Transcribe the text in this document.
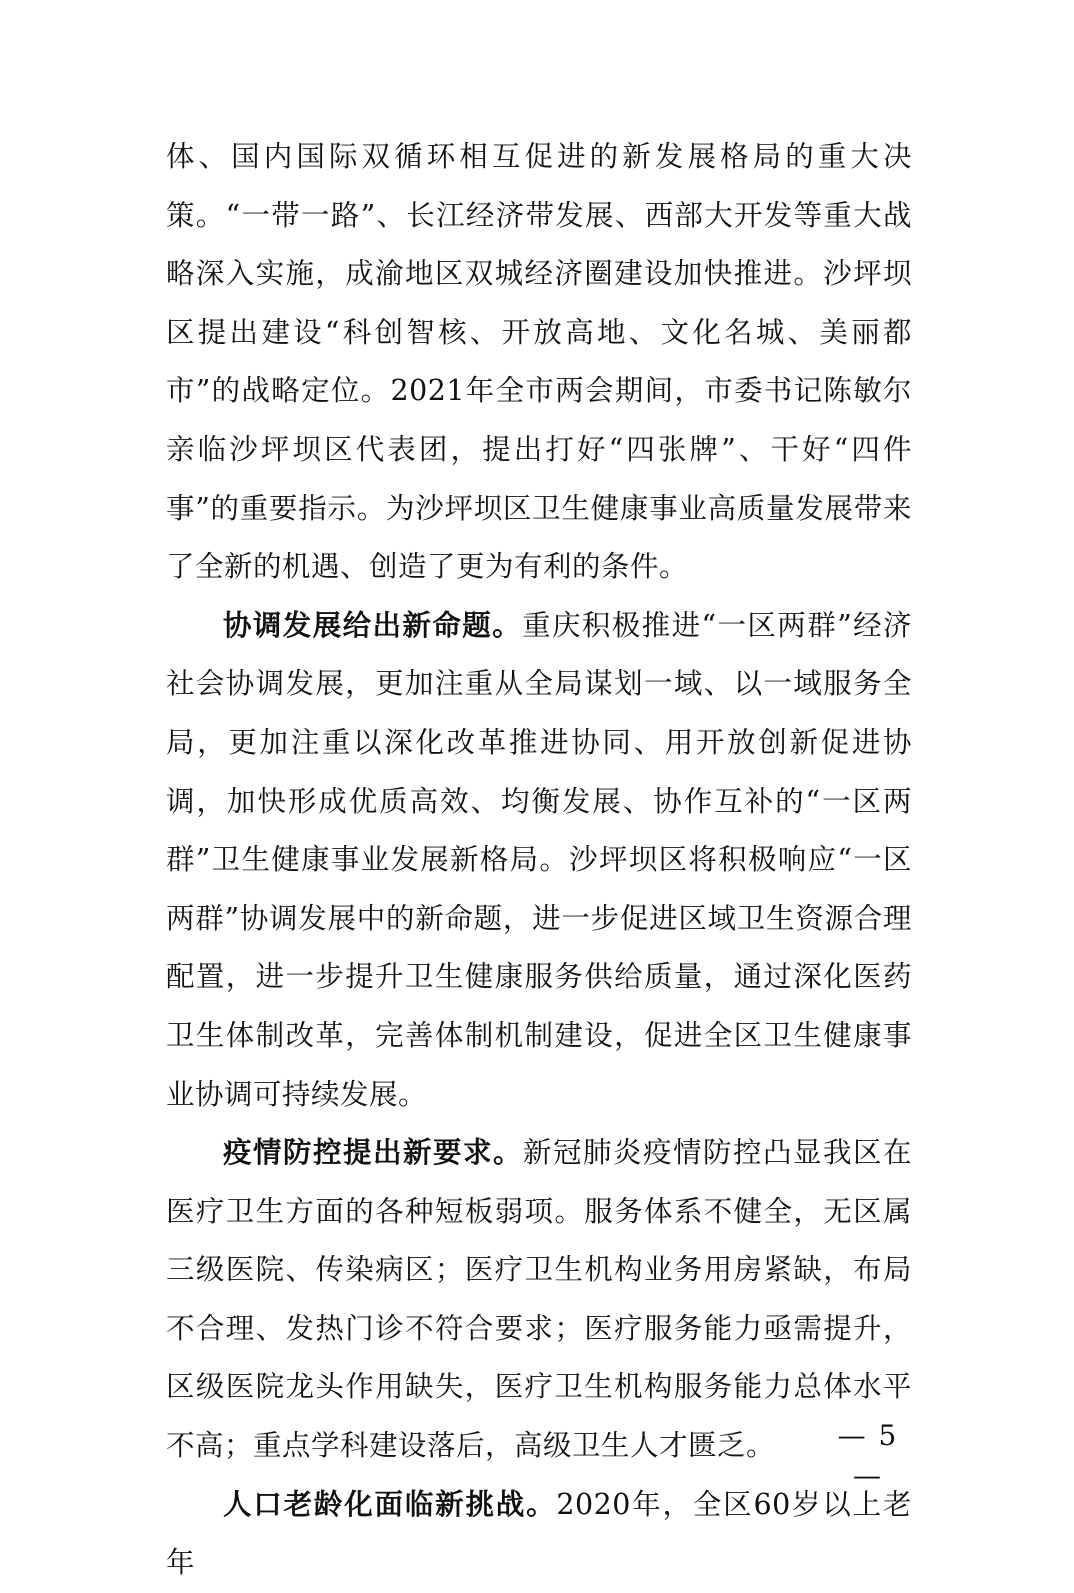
体、国内国际双循环相互促进的新发展格局的重大决策。“一带一路”、长江经济带发展、西部大开发等重大战略深入实施，成渝地区双城经济圈建设加快推进。沙坪坝区提出建设“科创智核、开放高地、文化名城、美丽都市”的战略定位。2021年全市两会期间，市委书记陈敏尔亲临沙坪坝区代表团，提出打好“四张牌”、干好“四件事”的重要指示。为沙坪坝区卫生健康事业高质量发展带来了全新的机遇、创造了更为有利的条件。

协调发展给出新命题。重庆积极推进“一区两群”经济社会协调发展，更加注重从全局谋划一域、以一域服务全局，更加注重以深化改革推进协同、用开放创新促进协调，加快形成优质高效、均衡发展、协作互补的“一区两群”卫生健康事业发展新格局。沙坪坝区将积极响应“一区两群”协调发展中的新命题，进一步促进区域卫生资源合理配置，进一步提升卫生健康服务供给质量，通过深化医药卫生体制改革，完善体制机制建设，促进全区卫生健康事业协调可持续发展。

疫情防控提出新要求。新冠肺炎疫情防控凸显我区在医疗卫生方面的各种短板弱项。服务体系不健全，无区属三级医院、传染病区；医疗卫生机构业务用房紧缺，布局不合理、发热门诊不符合要求；医疗服务能力亟需提升，区级医院龙头作用缺失，医疗卫生机构服务能力总体水平不高；重点学科建设落后，高级卫生人才匮乏。

人口老龄化面临新挑战。2020年，全区60岁以上老年

— 5 —
